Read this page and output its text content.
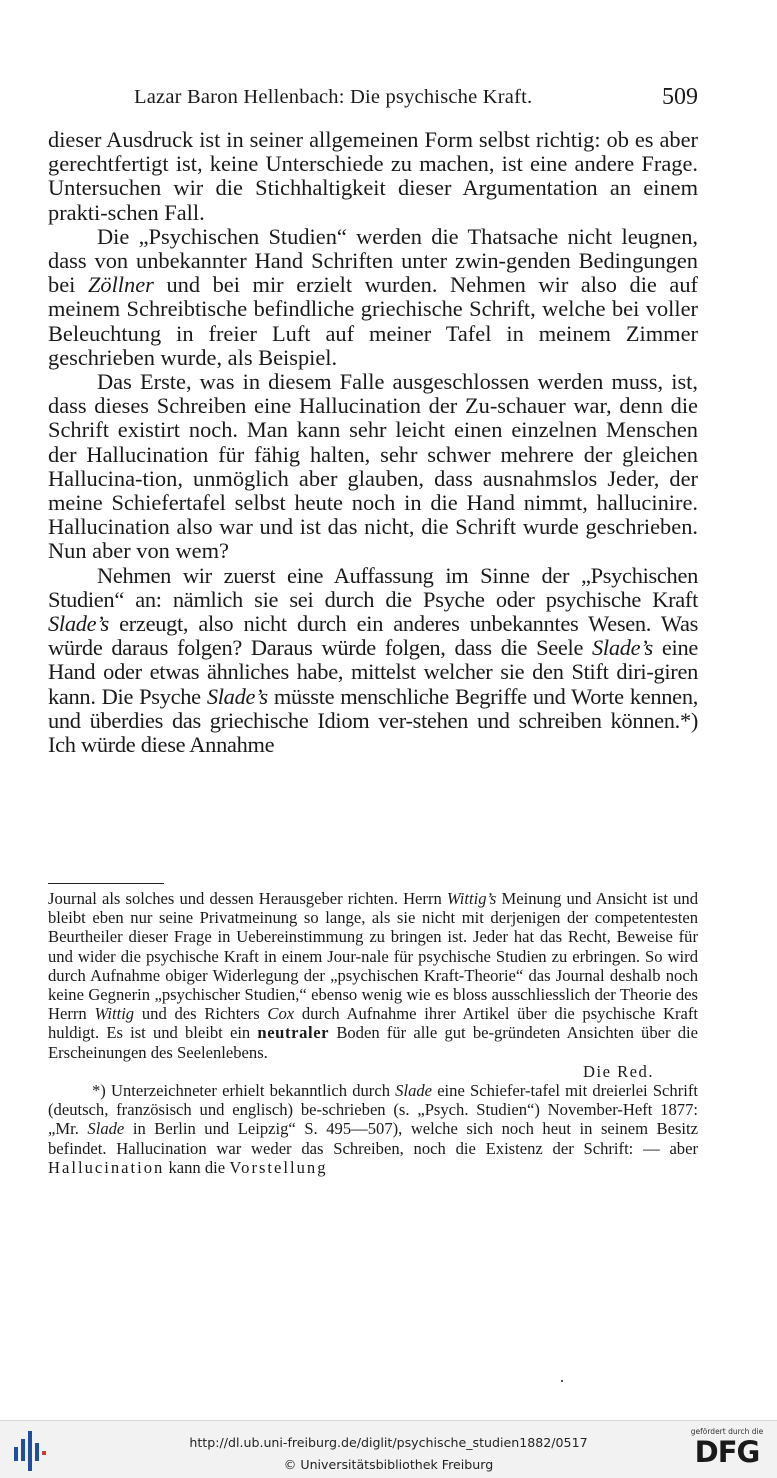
Lazar Baron Hellenbach: Die psychische Kraft.	509

dieser Ausdruck ist in seiner allgemeinen Form selbst richtig: ob es aber gerechtfertigt ist, keine Unterschiede zu machen, ist eine andere Frage. Untersuchen wir die Stichhaltigkeit dieser Argumentation an einem prakti-schen Fall.

Die „Psychischen Studien“ werden die Thatsache nicht leugnen, dass von unbekannter Hand Schriften unter zwin-genden Bedingungen bei Zöllner und bei mir erzielt wurden. Nehmen wir also die auf meinem Schreibtische befindliche griechische Schrift, welche bei voller Beleuchtung in freier Luft auf meiner Tafel in meinem Zimmer geschrieben wurde, als Beispiel.

Das Erste, was in diesem Falle ausgeschlossen werden muss, ist, dass dieses Schreiben eine Hallucination der Zu-schauer war, denn die Schrift existirt noch. Man kann sehr leicht einen einzelnen Menschen der Hallucination für fähig halten, sehr schwer mehrere der gleichen Hallucina-tion, unmöglich aber glauben, dass ausnahmslos Jeder, der meine Schiefertafel selbst heute noch in die Hand nimmt, hallucinire. Hallucination also war und ist das nicht, die Schrift wurde geschrieben. Nun aber von wem?

Nehmen wir zuerst eine Auffassung im Sinne der „Psychischen Studien“ an: nämlich sie sei durch die Psyche oder psychische Kraft Slade’s erzeugt, also nicht durch ein anderes unbekanntes Wesen. Was würde daraus folgen? Daraus würde folgen, dass die Seele Slade’s eine Hand oder etwas ähnliches habe, mittelst welcher sie den Stift diri-giren kann. Die Psyche Slade’s müsste menschliche Begriffe und Worte kennen, und überdies das griechische Idiom ver-stehen und schreiben können.*) Ich würde diese Annahme

Journal als solches und dessen Herausgeber richten. Herrn Wittig’s Meinung und Ansicht ist und bleibt eben nur seine Privatmeinung so lange, als sie nicht mit derjenigen der competentesten Beurtheiler dieser Frage in Uebereinstimmung zu bringen ist. Jeder hat das Recht, Beweise für und wider die psychische Kraft in einem Jour-nale für psychische Studien zu erbringen. So wird durch Aufnahme obiger Widerlegung der „psychischen Kraft-Theorie“ das Journal deshalb noch keine Gegnerin „psychischer Studien,“ ebenso wenig wie es bloss ausschliesslich der Theorie des Herrn Wittig und des Richters Cox durch Aufnahme ihrer Artikel über die psychische Kraft huldigt. Es ist und bleibt ein neutraler Boden für alle gut be-gründeten Ansichten über die Erscheinungen des Seelenlebens.

Die Red.

*) Unterzeichneter erhielt bekanntlich durch Slade eine Schiefer-tafel mit dreierlei Schrift (deutsch, französisch und englisch) be-schrieben (s. „Psych. Studien“) November-Heft 1877: „Mr. Slade in Berlin und Leipzig“ S. 495—507), welche sich noch heut in seinem Besitz befindet. Hallucination war weder das Schreiben, noch die Existenz der Schrift: — aber Hallucination kann die Vorstellung

http://dl.ub.uni-freiburg.de/diglit/psychische_studien1882/0517
© Universitätsbibliothek Freiburg
gefördert durch die
DFG
